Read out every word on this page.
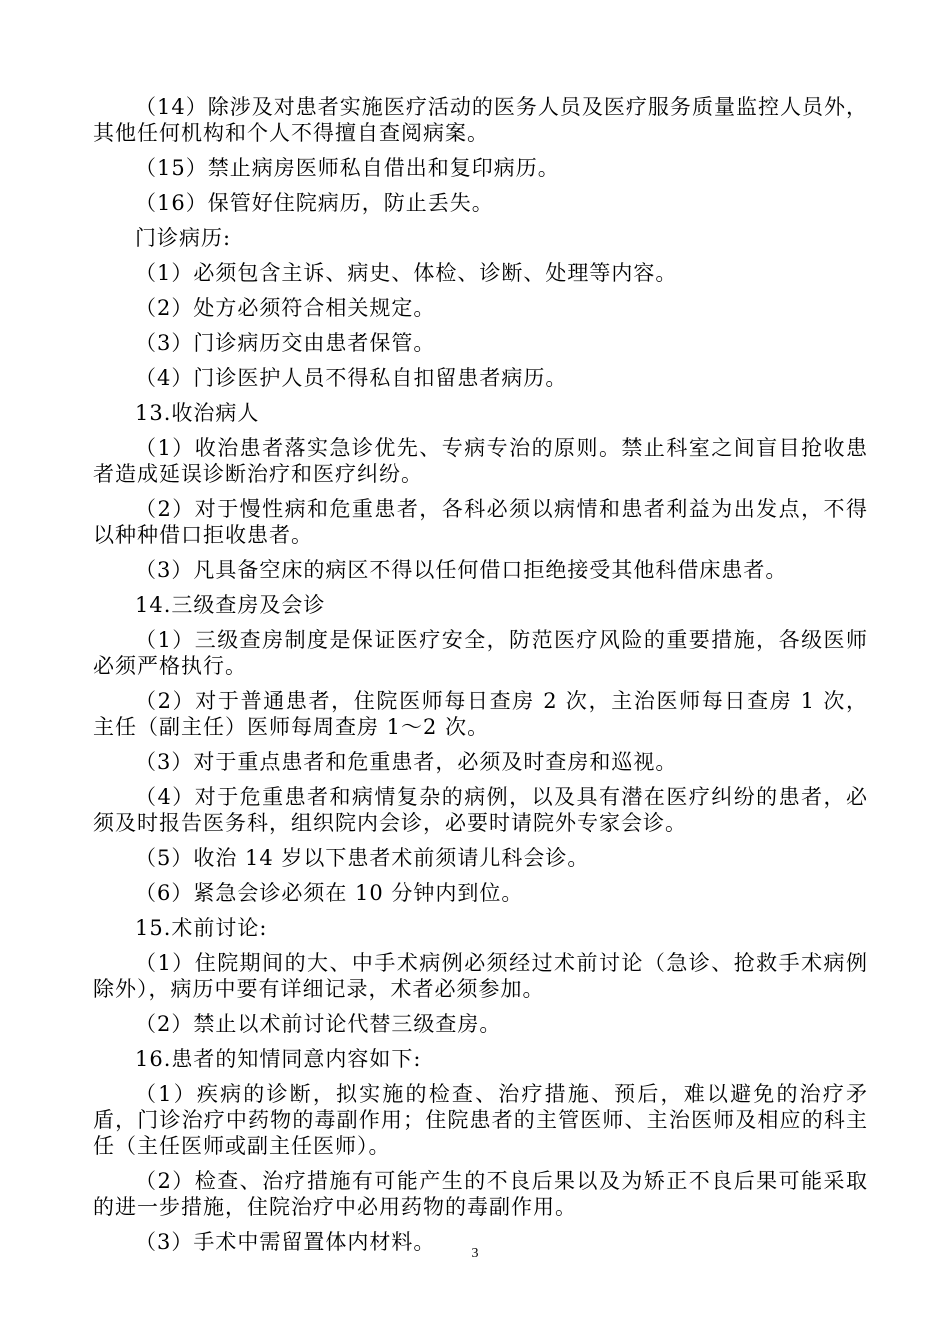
（14）除涉及对患者实施医疗活动的医务人员及医疗服务质量监控人员外，其他任何机构和个人不得擅自查阅病案。

（15）禁止病房医师私自借出和复印病历。

（16）保管好住院病历，防止丢失。

门诊病历:

（1）必须包含主诉、病史、体检、诊断、处理等内容。

（2）处方必须符合相关规定。

（3）门诊病历交由患者保管。

（4）门诊医护人员不得私自扣留患者病历。

13.收治病人

（1）收治患者落实急诊优先、专病专治的原则。禁止科室之间盲目抢收患者造成延误诊断治疗和医疗纠纷。

（2）对于慢性病和危重患者，各科必须以病情和患者利益为出发点，不得以种种借口拒收患者。

（3）凡具备空床的病区不得以任何借口拒绝接受其他科借床患者。

14.三级查房及会诊

（1）三级查房制度是保证医疗安全，防范医疗风险的重要措施，各级医师必须严格执行。

（2）对于普通患者，住院医师每日查房 2 次，主治医师每日查房 1 次，主任（副主任）医师每周查房 1～2 次。

（3）对于重点患者和危重患者，必须及时查房和巡视。

（4）对于危重患者和病情复杂的病例，以及具有潜在医疗纠纷的患者，必须及时报告医务科，组织院内会诊，必要时请院外专家会诊。

（5）收治 14 岁以下患者术前须请儿科会诊。

（6）紧急会诊必须在 10 分钟内到位。

15.术前讨论:

（1）住院期间的大、中手术病例必须经过术前讨论（急诊、抢救手术病例除外），病历中要有详细记录，术者必须参加。

（2）禁止以术前讨论代替三级查房。

16.患者的知情同意内容如下:

（1）疾病的诊断，拟实施的检查、治疗措施、预后，难以避免的治疗矛盾，门诊治疗中药物的毒副作用；住院患者的主管医师、主治医师及相应的科主任（主任医师或副主任医师）。

（2）检查、治疗措施有可能产生的不良后果以及为矫正不良后果可能采取的进一步措施，住院治疗中必用药物的毒副作用。

（3）手术中需留置体内材料。	3
